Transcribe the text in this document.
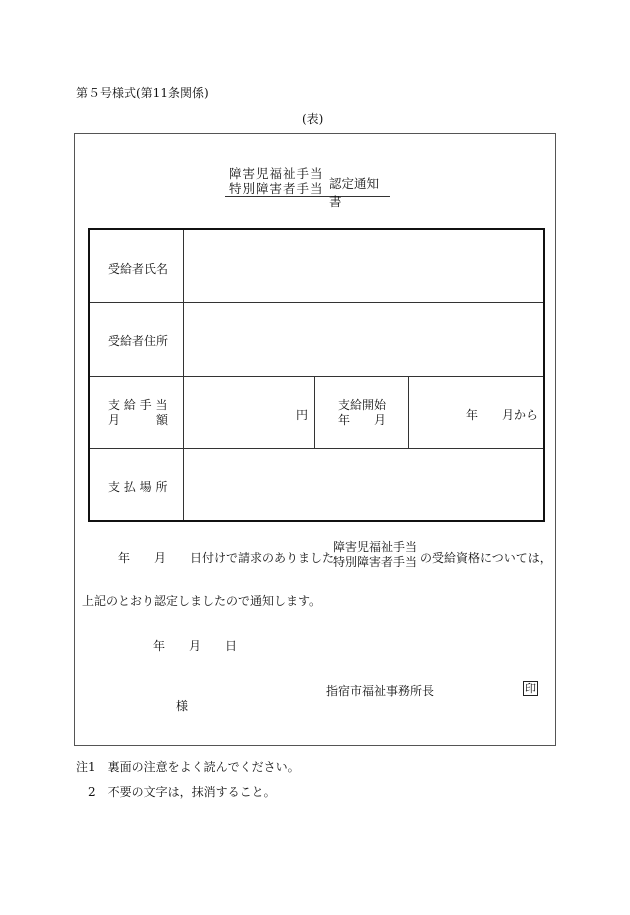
第５号様式(第11条関係)
(表)
障害児福祉手当
特別障害者手当 認定通知書
受給者氏名
受給者住所
支 給 手 当
月　　　額	円
支給開始
年　　月	年　　月から
支 払 場 所
年　　月　　日付けで請求のありました
障害児福祉手当
特別障害者手当 の受給資格については，
上記のとおり認定しましたので通知します。
年　　月　　日
指宿市福祉事務所長	印
様
注1　裏面の注意をよく読んでください。
2　不要の文字は，抹消すること。
